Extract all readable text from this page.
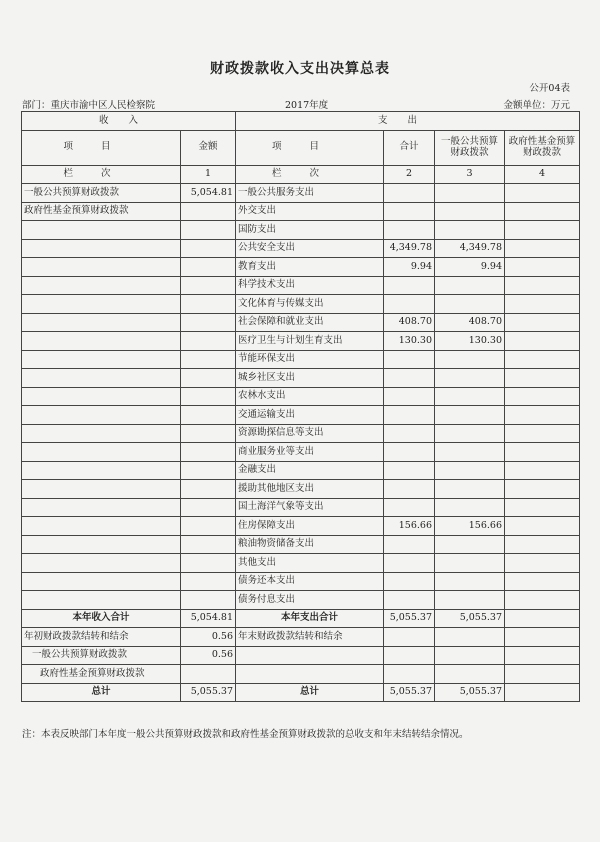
财政拨款收入支出决算总表
公开04表
部门：重庆市渝中区人民检察院	2017年度	金额单位：万元
收入		支出			
项目	金额	项目	合计	一般公共预算财政拨款	政府性基金预算财政拨款
栏次	1	栏次	2	3	4
一般公共预算财政拨款	5,054.81	一般公共服务支出			
政府性基金预算财政拨款		外交支出			
		国防支出			
		公共安全支出	4,349.78	4,349.78	
		教育支出	9.94	9.94	
		科学技术支出			
		文化体育与传媒支出			
		社会保障和就业支出	408.70	408.70	
		医疗卫生与计划生育支出	130.30	130.30	
		节能环保支出			
		城乡社区支出			
		农林水支出			
		交通运输支出			
		资源勘探信息等支出			
		商业服务业等支出			
		金融支出			
		援助其他地区支出			
		国土海洋气象等支出			
		住房保障支出	156.66	156.66	
		粮油物资储备支出			
		其他支出			
		债务还本支出			
		债务付息支出			
本年收入合计	5,054.81	本年支出合计	5,055.37	5,055.37	
年初财政拨款结转和结余	0.56	年末财政拨款结转和结余			
一般公共预算财政拨款	0.56				
政府性基金预算财政拨款					
总计	5,055.37	总计	5,055.37	5,055.37	
注：本表反映部门本年度一般公共预算财政拨款和政府性基金预算财政拨款的总收支和年末结转结余情况。
